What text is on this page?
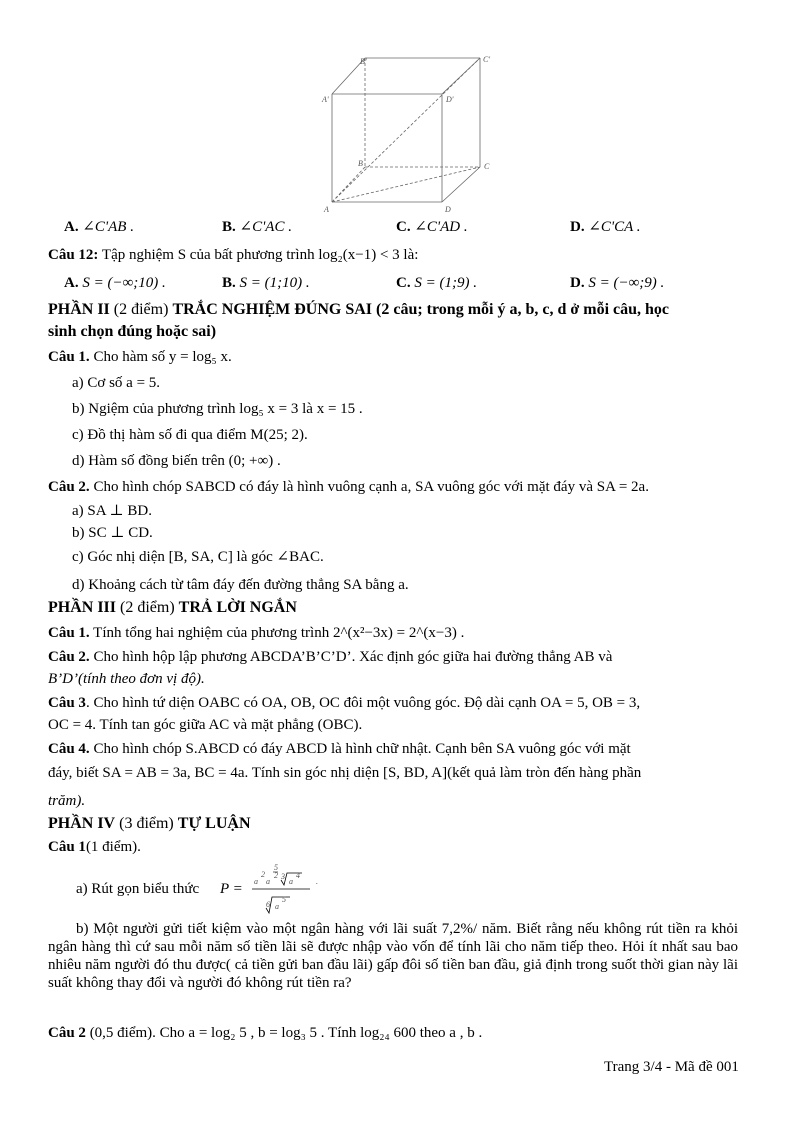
A
B	C
D
A'
B'	C'
D'
A. ∠C'AB .	B. ∠C'AC .	C. ∠C'AD .	D. ∠C'CA .
Câu 12: Tập nghiệm S của bất phương trình log₂(x−1) < 3 là:
A. S = (−∞;10) .	B. S = (1;10) .	C. S = (1;9) .	D. S = (−∞;9) .
PHẦN II (2 điểm) TRẮC NGHIỆM ĐÚNG SAI (2 câu; trong mỗi ý a, b, c, d ở mỗi câu, học
sinh chọn đúng hoặc sai)
Câu 1. Cho hàm số y = log₅ x.
a) Cơ số a = 5.
b) Ngiệm của phương trình log₅ x = 3 là x = 15 .
c) Đồ thị hàm số đi qua điểm M(25; 2).
d) Hàm số đồng biến trên (0; +∞) .
Câu 2. Cho hình chóp SABCD có đáy là hình vuông cạnh a, SA vuông góc với mặt đáy và SA = 2a.
a) SA ⊥ BD.
b) SC ⊥ CD.
c) Góc nhị diện [B, SA, C] là góc ∠BAC.
d) Khoảng cách từ tâm đáy đến đường thẳng SA bằng a.
PHẦN III (2 điểm) TRẢ LỜI NGẮN
Câu 1. Tính tổng hai nghiệm của phương trình 2^(x²−3x) = 2^(x−3) .
Câu 2. Cho hình hộp lập phương ABCDA’B’C’D’. Xác định góc giữa hai đường thẳng AB và
B’D’(tính theo đơn vị độ).
Câu 3. Cho hình tứ diện OABC có OA, OB, OC đôi một vuông góc. Độ dài cạnh OA = 5, OB = 3,
OC = 4. Tính tan góc giữa AC và mặt phẳng (OBC).
Câu 4. Cho hình chóp S.ABCD có đáy ABCD là hình chữ nhật. Cạnh bên SA vuông góc với mặt
đáy, biết SA = AB = 3a, BC = 4a. Tính sin góc nhị diện [S, BD, A](kết quả làm tròn đến hàng phần
trăm).
PHẦN IV (3 điểm) TỰ LUẬN
Câu 1(1 điểm).
a) Rút gọn biểu thức P = a
2
a
5
2 3
a
4
6 a
5
.
b) Một người gửi tiết kiệm vào một ngân hàng với lãi suất 7,2%/ năm. Biết rằng nếu không rút tiền ra khỏi ngân hàng thì cứ sau mỗi năm số tiền lãi sẽ được nhập vào vốn để tính lãi cho năm tiếp theo. Hỏi ít nhất sau bao nhiêu năm người đó thu được( cả tiền gửi ban đầu lãi) gấp đôi số tiền ban đầu, giả định trong suốt thời gian này lãi suất không thay đổi và người đó không rút tiền ra?
Câu 2 (0,5 điểm). Cho a = log₂ 5 , b = log₃ 5 . Tính log₂₄ 600 theo a , b .
Trang 3/4 - Mã đề 001
